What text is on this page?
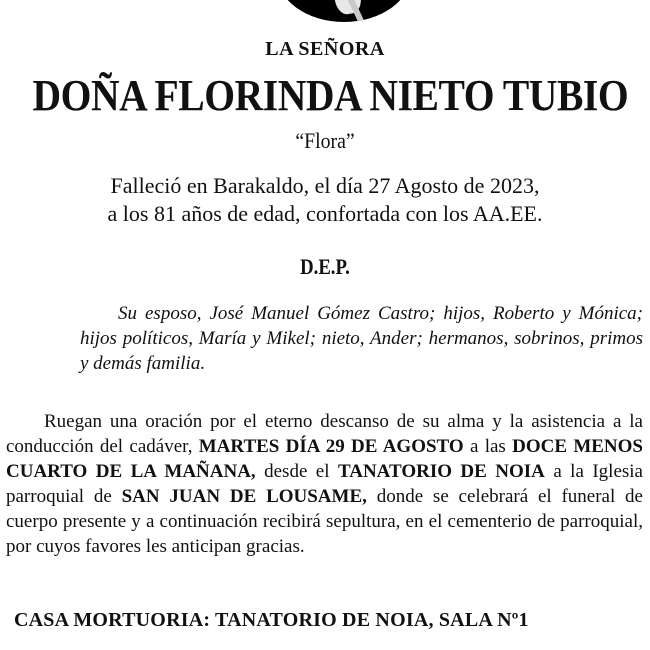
LA SEÑORA
DOÑA FLORINDA NIETO TUBIO
“Flora”
Falleció en Barakaldo, el día 27 Agosto de 2023,
a los 81 años de edad, confortada con los AA.EE.
D.E.P.

Su esposo, José Manuel Gómez Castro; hijos, Roberto y Mónica; hijos políticos, María y Mikel; nieto, Ander; hermanos, sobrinos, primos y demás familia.

Ruegan una oración por el eterno descanso de su alma y la asistencia a la conducción del cadáver, MARTES DÍA 29 DE AGOSTO a las DOCE MENOS CUARTO DE LA MAÑANA, desde el TANATORIO DE NOIA a la Iglesia parroquial de SAN JUAN DE LOUSAME, donde se celebrará el funeral de cuerpo presente y a continuación recibirá sepultura, en el cementerio de parroquial, por cuyos favores les anticipan gracias.

CASA MORTUORIA: TANATORIO DE NOIA, SALA Nº1
